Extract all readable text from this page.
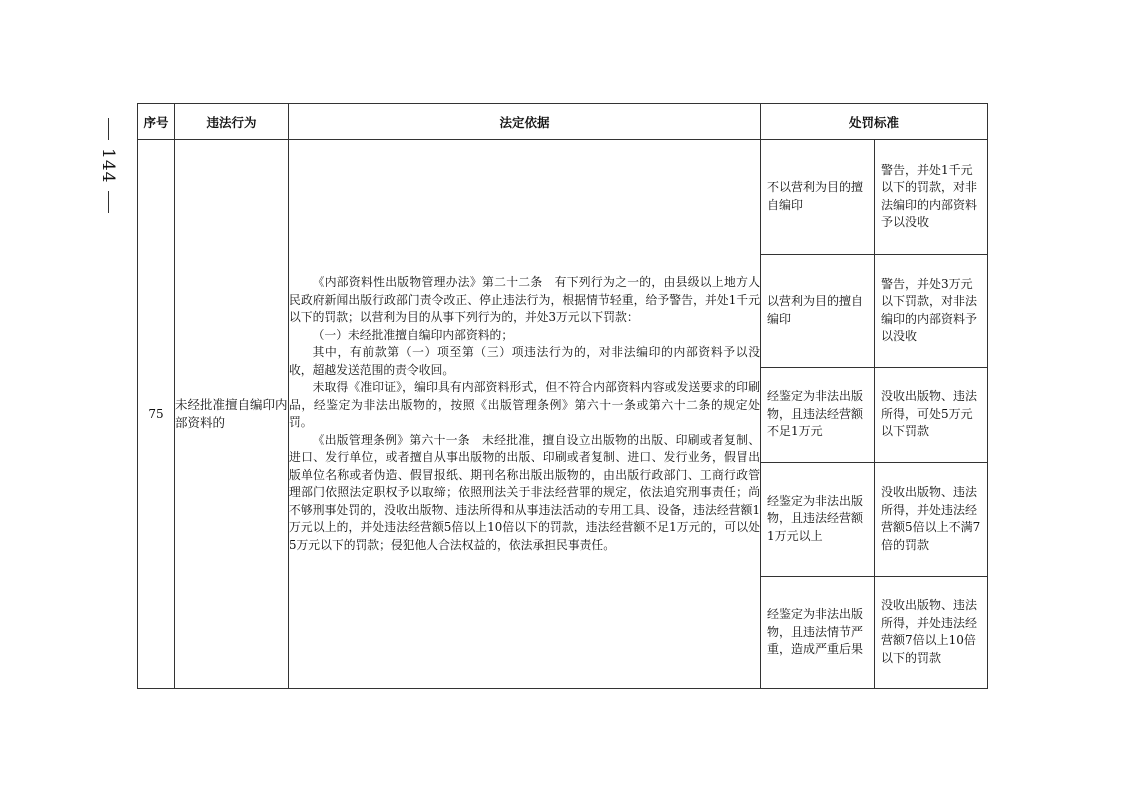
144
序号	违法行为	法定依据	处罚标准
75	未经批准擅自编印内部资料的	

《内部资料性出版物管理办法》第二十二条　有下列行为之一的，由县级以上地方人民政府新闻出版行政部门责令改正、停止违法行为，根据情节轻重，给予警告，并处1千元以下的罚款；以营利为目的从事下列行为的，并处3万元以下罚款：

（一）未经批准擅自编印内部资料的；

其中，有前款第（一）项至第（三）项违法行为的，对非法编印的内部资料予以没收，超越发送范围的责令收回。

未取得《准印证》，编印具有内部资料形式，但不符合内部资料内容或发送要求的印刷品，经鉴定为非法出版物的，按照《出版管理条例》第六十一条或第六十二条的规定处罚。

《出版管理条例》第六十一条　未经批准，擅自设立出版物的出版、印刷或者复制、进口、发行单位，或者擅自从事出版物的出版、印刷或者复制、进口、发行业务，假冒出版单位名称或者伪造、假冒报纸、期刊名称出版出版物的，由出版行政部门、工商行政管理部门依照法定职权予以取缔；依照刑法关于非法经营罪的规定，依法追究刑事责任；尚不够刑事处罚的，没收出版物、违法所得和从事违法活动的专用工具、设备，违法经营额1万元以上的，并处违法经营额5倍以上10倍以下的罚款，违法经营额不足1万元的，可以处5万元以下的罚款；侵犯他人合法权益的，依法承担民事责任。

不以营利为目的擅自编印	警告，并处1千元以下的罚款，对非法编印的内部资料予以没收
以营利为目的擅自编印	警告，并处3万元以下罚款，对非法编印的内部资料予以没收
经鉴定为非法出版物，且违法经营额不足1万元	没收出版物、违法所得，可处5万元以下罚款
经鉴定为非法出版物，且违法经营额1万元以上	没收出版物、违法所得，并处违法经营额5倍以上不满7倍的罚款
经鉴定为非法出版物，且违法情节严重，造成严重后果	没收出版物、违法所得，并处违法经营额7倍以上10倍以下的罚款
